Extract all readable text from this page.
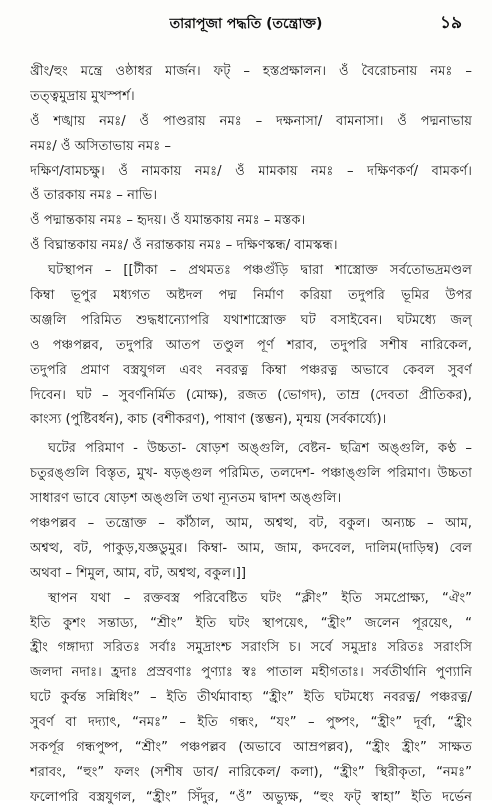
তারাপূজা পদ্ধতি (তন্ত্রোক্ত)	১৯
খ্রীং/হুং মন্ত্রে ওষ্ঠাধর মার্জন। ফট্ – হস্তপ্রক্ষালন। ওঁ বৈরোচনায় নমঃ –
তত্ত্বমুদ্রায় মুখস্পর্শ।
ওঁ শঙ্খায় নমঃ/ ওঁ পাণ্ডরায় নমঃ – দক্ষনাসা/ বামনাসা। ওঁ পদ্মনাভায়
নমঃ/ ওঁ অসিতাভায় নমঃ –
দক্ষিণ/বামচক্ষু। ওঁ নামকায় নমঃ/ ওঁ মামকায় নমঃ – দক্ষিণকর্ণ/ বামকর্ণ।
ওঁ তারকায় নমঃ – নাভি।
ওঁ পদ্মান্তকায় নমঃ – হৃদয়। ওঁ যমান্তকায় নমঃ – মস্তক।
ওঁ বিঘ্নান্তকায় নমঃ/ ওঁ নরান্তকায় নমঃ – দক্ষিণস্কন্ধ/ বামস্কন্ধ।
ঘটস্থাপন – [[টীকা – প্রথমতঃ পঞ্চগুঁড়ি দ্বারা শাস্ত্রোক্ত সর্বতোভদ্রমণ্ডল
কিম্বা ভূপুর মধ্যগত অষ্টদল পদ্ম নির্মাণ করিয়া তদুপরি ভূমির উপর
অঞ্জলি পরিমিত শুদ্ধধান্যোপরি যথাশাস্ত্রোক্ত ঘট বসাইবেন। ঘটমধ্যে জল্
ও পঞ্চপল্লব, তদুপরি আতপ তণ্ডুল পূর্ণ শরাব, তদুপরি সশীষ নারিকেল,
তদুপরি প্রমাণ বস্ত্রযুগল এবং নবরত্ন কিম্বা পঞ্চরত্ন অভাবে কেবল সুবর্ণ
দিবেন। ঘট – সুবর্ণনির্মিত (মোক্ষ), রজত (ভোগদ), তাম্র (দেবতা প্রীতিকর),
কাংস্য (পুষ্টিবর্ধন), কাচ (বশীকরণ), পাষাণ (স্তম্ভন), মৃন্ময় (সর্বকার্য্যে)।
ঘটের পরিমাণ - উচ্চতা- ষোড়শ অঙ্গুলি, বেষ্টন- ছত্রিশ অঙ্গুলি, কণ্ঠ –
চতুরঙ্গুলি বিস্তৃত, মুখ- ষড়ঙ্গুল পরিমিত, তলদেশ- পঞ্চাঙ্গুলি পরিমাণ। উচ্চতা
সাধারণ ভাবে ষোড়শ অঙ্গুলি তথা ন্যূনতম দ্বাদশ অঙ্গুলি।
পঞ্চপল্লব – তন্ত্রোক্ত – কাঁঠাল, আম, অশ্বত্থ, বট, বকুল। অন্যচ্চ – আম,
অশ্বত্থ, বট, পাকুড়,যজ্ঞডুমুর। কিম্বা- আম, জাম, কদবেল, দালিম(দাড়িম্ব) বেল
অথবা – শিমুল, আম, বট, অশ্বত্থ, বকুল।]]
স্থাপন যথা – রক্তবস্ত্র পরিবেষ্টিত ঘটং “ক্লীং” ইতি সমপ্রোক্ষ্য, “ঐং”
ইতি কুশং সন্তাড্য, “শ্রীং” ইতি ঘটং স্থাপয়েৎ, “হ্রীং” জলেন পূরয়েৎ, “
হ্রীং গঙ্গাদ্যা সরিতঃ সর্বাঃ সমুদ্রাংশ্চ সরাংসি চ। সর্বে সমুদ্রাঃ সরিতঃ সরাংসি
জলদা নদাঃ। হ্রদাঃ প্রস্রবণাঃ পুণ্যাঃ স্বঃ পাতাল মহীগতাঃ। সর্বতীর্থানি পুণ্যানি
ঘটে কুর্বন্ত সন্নিধিং” – ইতি তীর্থমাবাহ্য “হ্রীং” ইতি ঘটমধ্যে নবরত্ন/ পঞ্চরত্ন/
সুবর্ণ বা দদ্যাৎ, “নমঃ” – ইতি গন্ধং, “যং” – পুষ্পং, “হ্রীং” দূর্বা, “হ্রীং
সকর্পূর গন্ধপুষ্প, “শ্রীং” পঞ্চপল্লব (অভাবে আম্রপল্লব), “হ্রীং হ্রীং” সাক্ষত
শরাবং, “হুং” ফলং (সশীষ ডাব/ নারিকেল/ কলা), “হ্রীং” স্থিরীকৃতা, “নমঃ”
ফলোপরি বস্ত্রযুগল, “হ্রীং” সিঁদুর, “ওঁ” অভ্যুক্ষ, “হুং ফট্ স্বাহা” ইতি দর্ভেন
